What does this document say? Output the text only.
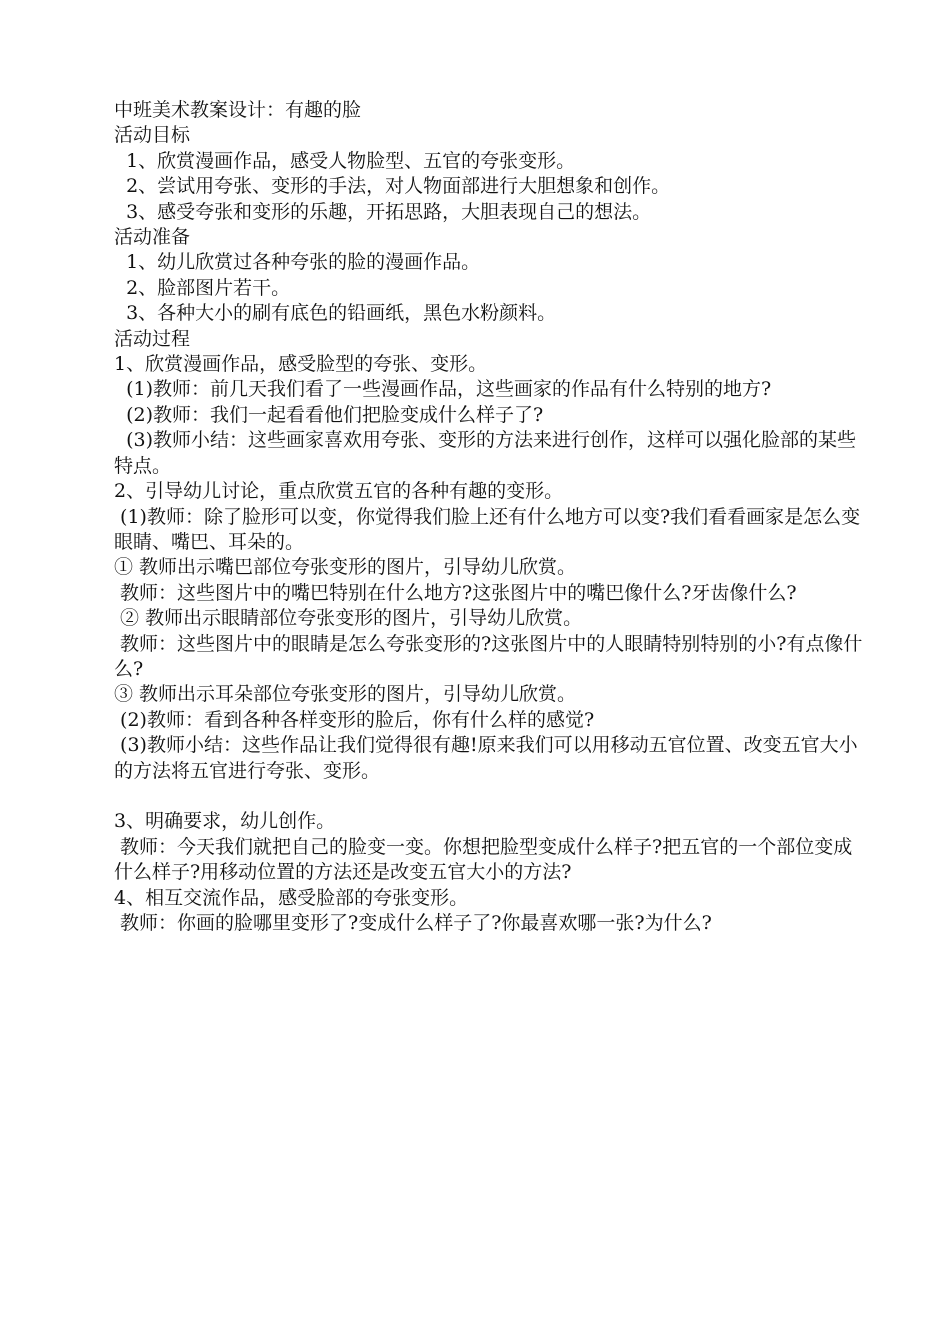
中班美术教案设计：有趣的脸
活动目标
1、欣赏漫画作品，感受人物脸型、五官的夸张变形。
2、尝试用夸张、变形的手法，对人物面部进行大胆想象和创作。
3、感受夸张和变形的乐趣，开拓思路，大胆表现自己的想法。
活动准备
1、幼儿欣赏过各种夸张的脸的漫画作品。
2、脸部图片若干。
3、各种大小的刷有底色的铅画纸，黑色水粉颜料。
活动过程
1、欣赏漫画作品，感受脸型的夸张、变形。
(1)教师：前几天我们看了一些漫画作品，这些画家的作品有什么特别的地方?
(2)教师：我们一起看看他们把脸变成什么样子了?
(3)教师小结：这些画家喜欢用夸张、变形的方法来进行创作，这样可以强化脸部的某些特点。
2、引导幼儿讨论，重点欣赏五官的各种有趣的变形。
(1)教师：除了脸形可以变，你觉得我们脸上还有什么地方可以变?我们看看画家是怎么变眼睛、嘴巴、耳朵的。
① 教师出示嘴巴部位夸张变形的图片，引导幼儿欣赏。
教师：这些图片中的嘴巴特别在什么地方?这张图片中的嘴巴像什么?牙齿像什么?
② 教师出示眼睛部位夸张变形的图片，引导幼儿欣赏。
教师：这些图片中的眼睛是怎么夸张变形的?这张图片中的人眼睛特别特别的小?有点像什么?
③ 教师出示耳朵部位夸张变形的图片，引导幼儿欣赏。
(2)教师：看到各种各样变形的脸后，你有什么样的感觉?
(3)教师小结：这些作品让我们觉得很有趣!原来我们可以用移动五官位置、改变五官大小的方法将五官进行夸张、变形。
3、明确要求，幼儿创作。
教师：今天我们就把自己的脸变一变。你想把脸型变成什么样子?把五官的一个部位变成什么样子?用移动位置的方法还是改变五官大小的方法?
4、相互交流作品，感受脸部的夸张变形。
教师：你画的脸哪里变形了?变成什么样子了?你最喜欢哪一张?为什么?
